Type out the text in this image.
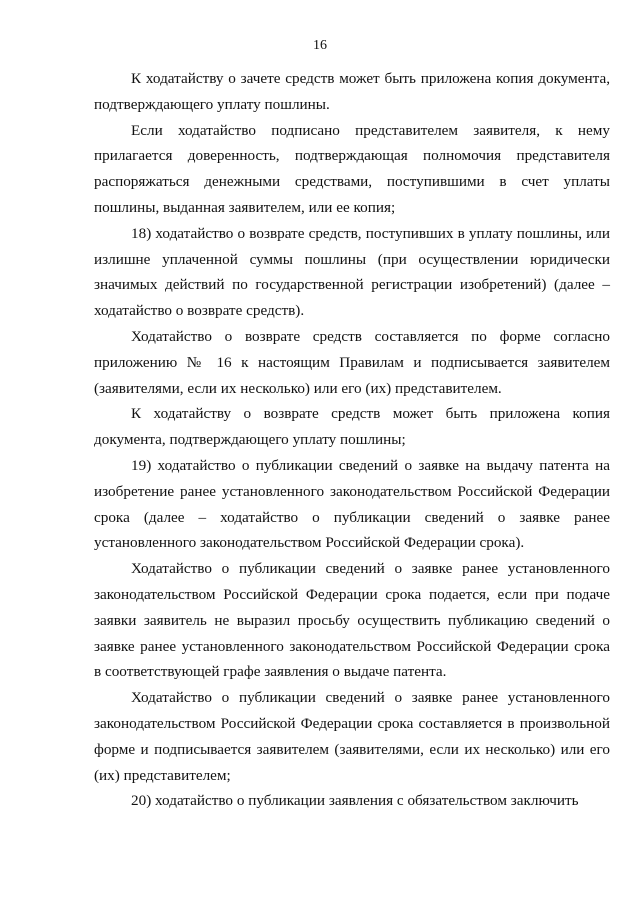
16

К ходатайству о зачете средств может быть приложена копия документа, подтверждающего уплату пошлины.

Если ходатайство подписано представителем заявителя, к нему прилагается доверенность, подтверждающая полномочия представителя распоряжаться денежными средствами, поступившими в счет уплаты пошлины, выданная заявителем, или ее копия;

18) ходатайство о возврате средств, поступивших в уплату пошлины, или излишне уплаченной суммы пошлины (при осуществлении юридически значимых действий по государственной регистрации изобретений) (далее – ходатайство о возврате средств).

Ходатайство о возврате средств составляется по форме согласно приложению № 16 к настоящим Правилам и подписывается заявителем (заявителями, если их несколько) или его (их) представителем.

К ходатайству о возврате средств может быть приложена копия документа, подтверждающего уплату пошлины;

19) ходатайство о публикации сведений о заявке на выдачу патента на изобретение ранее установленного законодательством Российской Федерации срока (далее – ходатайство о публикации сведений о заявке ранее установленного законодательством Российской Федерации срока).

Ходатайство о публикации сведений о заявке ранее установленного законодательством Российской Федерации срока подается, если при подаче заявки заявитель не выразил просьбу осуществить публикацию сведений о заявке ранее установленного законодательством Российской Федерации срока в соответствующей графе заявления о выдаче патента.

Ходатайство о публикации сведений о заявке ранее установленного законодательством Российской Федерации срока составляется в произвольной форме и подписывается заявителем (заявителями, если их несколько) или его (их) представителем;

20) ходатайство о публикации заявления с обязательством заключить
